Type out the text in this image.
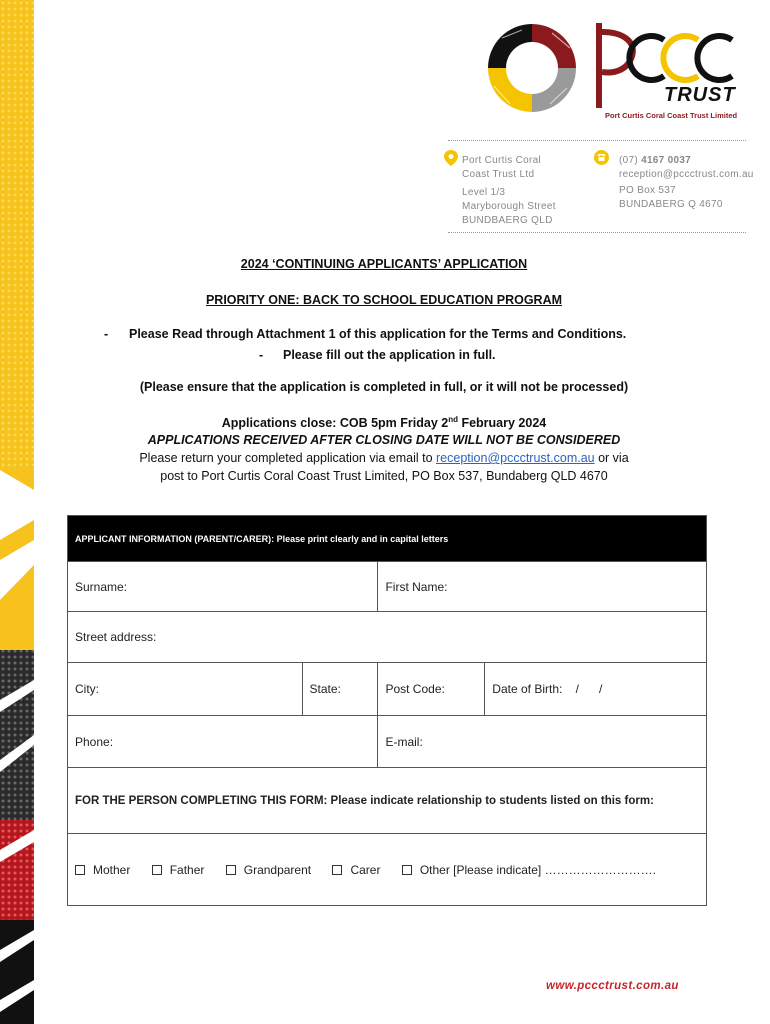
TRUST
Port Curtis Coral Coast Trust Limited
Port Curtis Coral
Coast Trust Ltd
Level 1/3
Maryborough Street
BUNDBAERG QLD
(07) 4167 0037
reception@pccctrust.com.au
PO Box 537
BUNDABERG Q 4670
2024 ‘CONTINUING APPLICANTS’ APPLICATION
PRIORITY ONE: BACK TO SCHOOL EDUCATION PROGRAM
- Please Read through Attachment 1 of this application for the Terms and Conditions.
- Please fill out the application in full.
(Please ensure that the application is completed in full, or it will not be processed)
Applications close: COB 5pm Friday 2nd February 2024
APPLICATIONS RECEIVED AFTER CLOSING DATE WILL NOT BE CONSIDERED
Please return your completed application via email to reception@pccctrust.com.au or via
post to Port Curtis Coral Coast Trust Limited, PO Box 537, Bundaberg QLD 4670
APPLICANT INFORMATION (PARENT/CARER): Please print clearly and in capital letters			
Surname:		First Name:	
Street address:			
City:	State:	Post Code:	Date of Birth: /      /
Phone:		E-mail:	
FOR THE PERSON COMPLETING THIS FORM: Please indicate relationship to students listed on this form:			
Mother Father Grandparent Carer Other [Please indicate] ……………………….			
www.pccctrust.com.au
